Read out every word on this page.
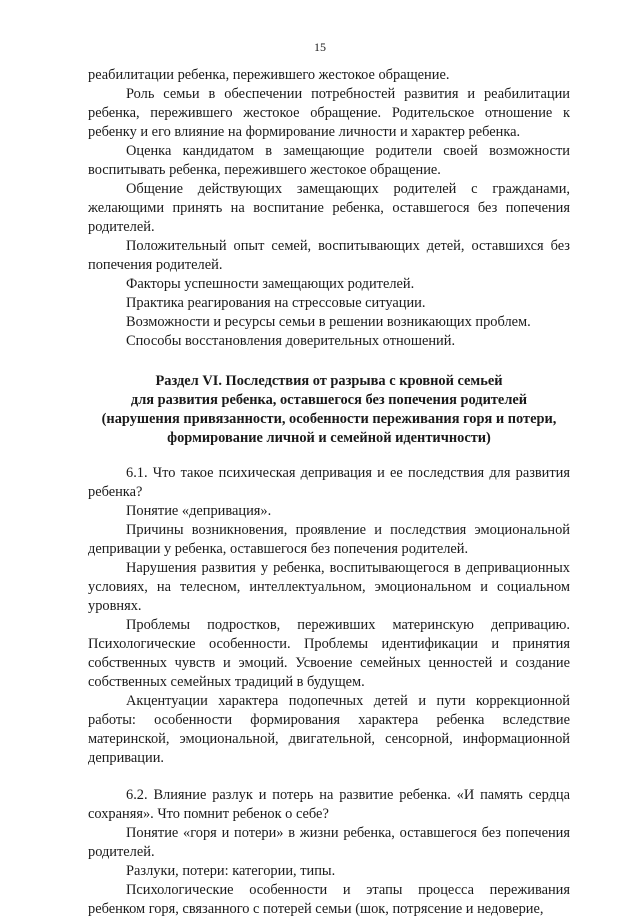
15

реабилитации ребенка, пережившего жестокое обращение.

Роль семьи в обеспечении потребностей развития и реабилитации ребенка, пережившего жестокое обращение. Родительское отношение к ребенку и его влияние на формирование личности и характер ребенка.

Оценка кандидатом в замещающие родители своей возможности воспитывать ребенка, пережившего жестокое обращение.

Общение действующих замещающих родителей с гражданами, желающими принять на воспитание ребенка, оставшегося без попечения родителей.

Положительный опыт семей, воспитывающих детей, оставшихся без попечения родителей.

Факторы успешности замещающих родителей.

Практика реагирования на стрессовые ситуации.

Возможности и ресурсы семьи в решении возникающих проблем.

Способы восстановления доверительных отношений.

Раздел VI. Последствия от разрыва с кровной семьей
для развития ребенка, оставшегося без попечения родителей
(нарушения привязанности, особенности переживания горя и потери,
формирование личной и семейной идентичности)

6.1. Что такое психическая депривация и ее последствия для развития ребенка?

Понятие «депривация».

Причины возникновения, проявление и последствия эмоциональной депривации у ребенка, оставшегося без попечения родителей.

Нарушения развития у ребенка, воспитывающегося в депривационных условиях, на телесном, интеллектуальном, эмоциональном и социальном уровнях.

Проблемы подростков, переживших материнскую депривацию. Психологические особенности. Проблемы идентификации и принятия собственных чувств и эмоций. Усвоение семейных ценностей и создание собственных семейных традиций в будущем.

Акцентуации характера подопечных детей и пути коррекционной работы: особенности формирования характера ребенка вследствие материнской, эмоциональной, двигательной, сенсорной, информационной депривации.

6.2. Влияние разлук и потерь на развитие ребенка. «И память сердца сохраняя». Что помнит ребенок о себе?

Понятие «горя и потери» в жизни ребенка, оставшегося без попечения родителей.

Разлуки, потери: категории, типы.

Психологические особенности и этапы процесса переживания ребенком горя, связанного с потерей семьи (шок, потрясение и недоверие,
